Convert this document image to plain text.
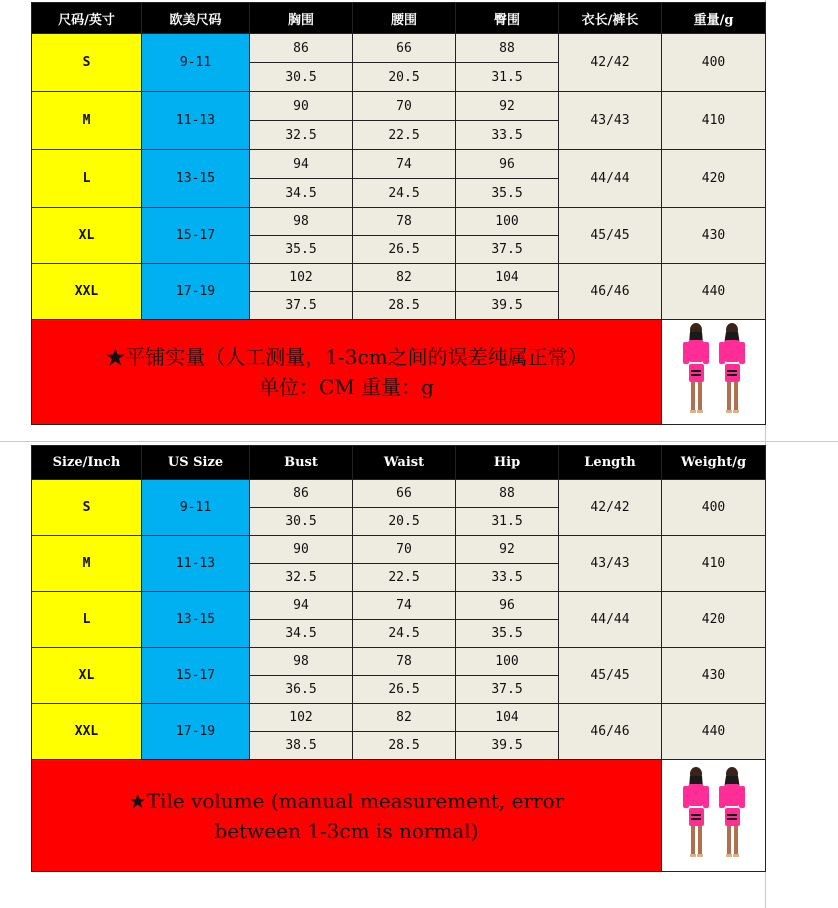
尺码/英寸	欧美尺码	胸围	腰围	臀围	衣长/裤长	重量/g
S	9-11	86	66	88	42/42	400
		30.5	20.5	31.5		
M	11-13	90	70	92	43/43	410
		32.5	22.5	33.5		
L	13-15	94	74	96	44/44	420
		34.5	24.5	35.5		
XL	15-17	98	78	100	45/45	430
		35.5	26.5	37.5		
XXL	17-19	102	82	104	46/46	440
		37.5	28.5	39.5		

★平铺实量（人工测量，1-3cm之间的误差纯属正常）
单位：CM 重量：g

Size/Inch	US Size	Bust	Waist	Hip	Length	Weight/g
S	9-11	86	66	88	42/42	400
		30.5	20.5	31.5		
M	11-13	90	70	92	43/43	410
		32.5	22.5	33.5		
L	13-15	94	74	96	44/44	420
		34.5	24.5	35.5		
XL	15-17	98	78	100	45/45	430
		36.5	26.5	37.5		
XXL	17-19	102	82	104	46/46	440
		38.5	28.5	39.5		

★Tile volume (manual measurement, error
between 1-3cm is normal)
